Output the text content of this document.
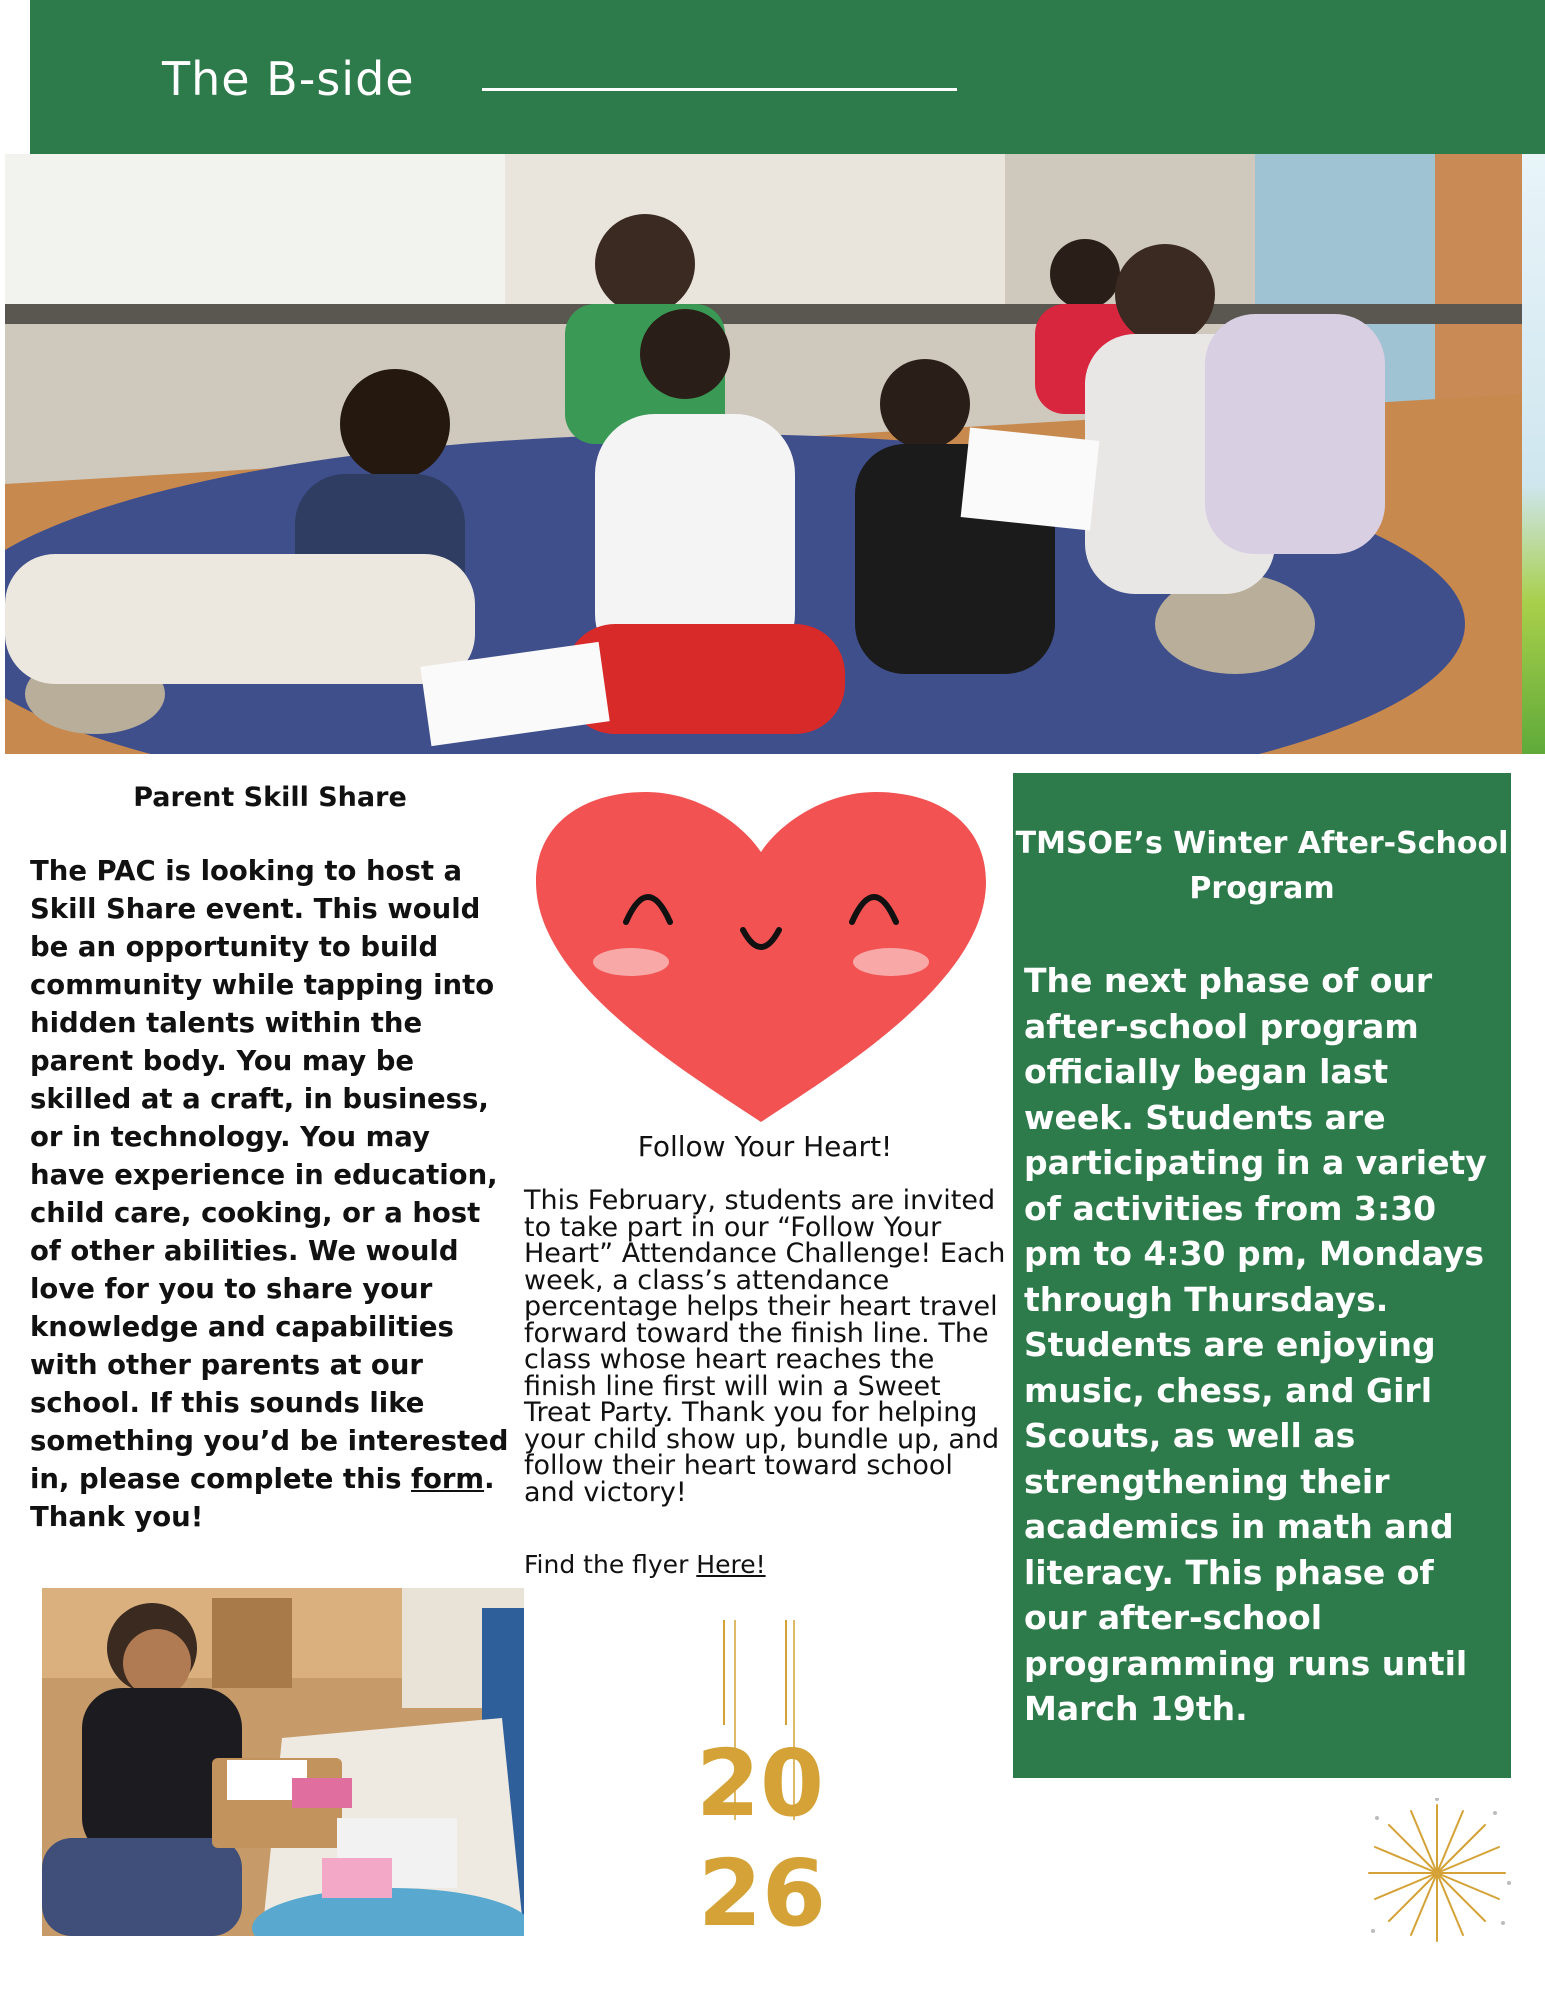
The B-side
Parent Skill Share
The PAC is looking to host a Skill Share event. This would be an opportunity to build community while tapping into hidden talents within the parent body. You may be skilled at a craft, in business, or in technology. You may have experience in education, child care, cooking, or a host of other abilities. We would love for you to share your knowledge and capabilities with other parents at our school. If this sounds like something you’d be interested in, please complete this form. Thank you!
Follow Your Heart!
This February, students are invited to take part in our “Follow Your Heart” Attendance Challenge! Each week, a class’s attendance percentage helps their heart travel forward toward the finish line. The class whose heart reaches the finish line first will win a Sweet Treat Party. Thank you for helping your child show up, bundle up, and follow their heart toward school and victory!
Find the flyer Here!
20
26
TMSOE’s Winter After-School Program
The next phase of our after-school program officially began last week. Students are participating in a variety of activities from 3:30 pm to 4:30 pm, Mondays through Thursdays. Students are enjoying music, chess, and Girl Scouts, as well as strengthening their academics in math and literacy. This phase of our after-school programming runs until March 19th.
